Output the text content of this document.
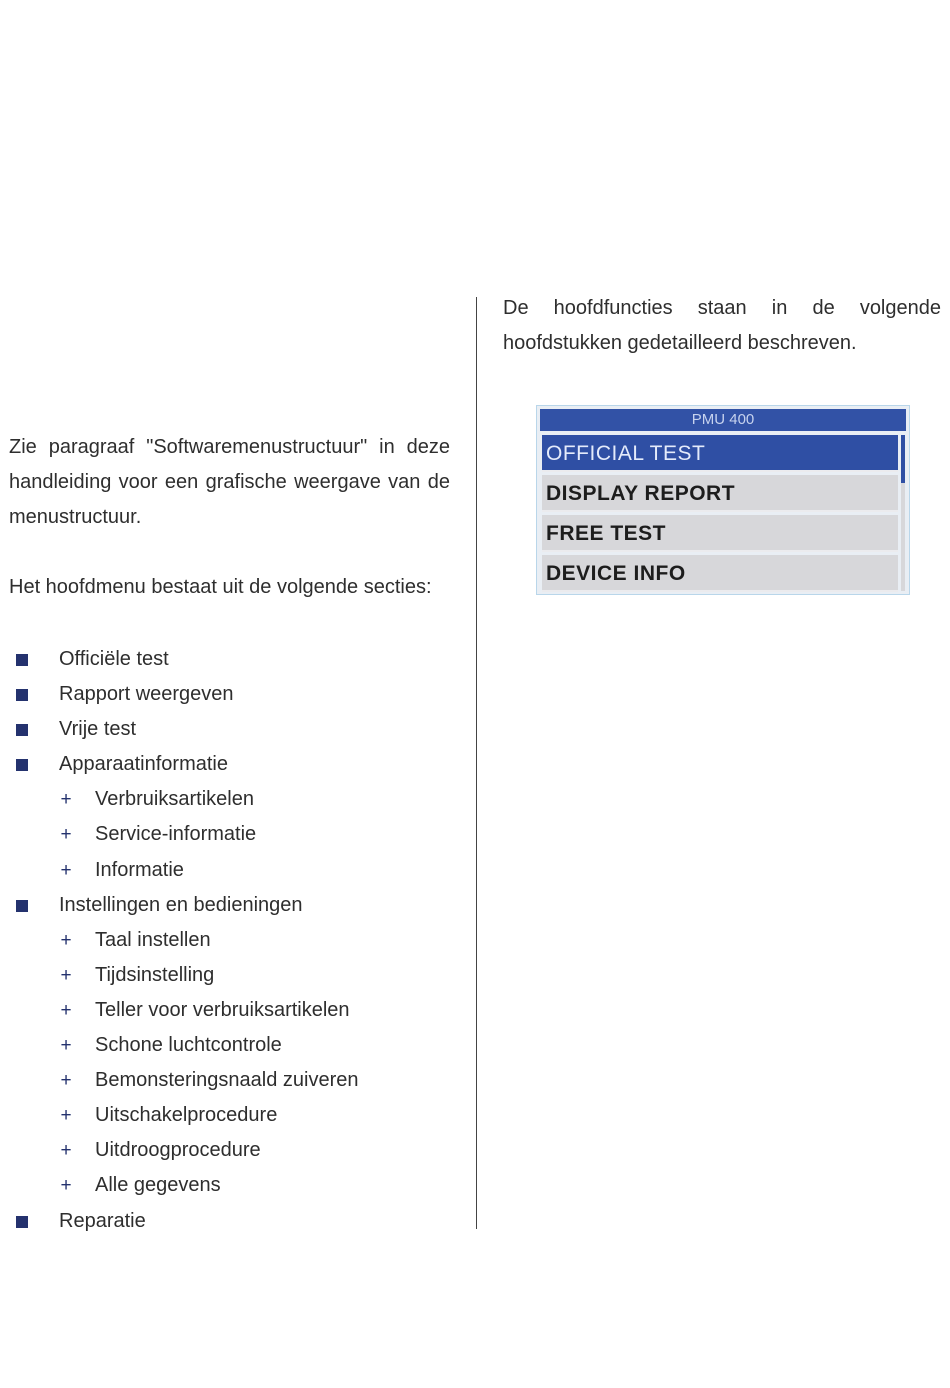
Zie paragraaf "Softwaremenustructuur" in deze handleiding voor een grafische weergave van de menustructuur.

Het hoofdmenu bestaat uit de volgende secties:

Officiële test
Rapport weergeven
Vrije test
Apparaatinformatie
+ Verbruiksartikelen
+ Service-informatie
+ Informatie
Instellingen en bedieningen
+ Taal instellen
+ Tijdsinstelling
+ Teller voor verbruiksartikelen
+ Schone luchtcontrole
+ Bemonsteringsnaald zuiveren
+ Uitschakelprocedure
+ Uitdroogprocedure
+ Alle gegevens
Reparatie

De hoofdfuncties staan in de volgende hoofdstukken gedetailleerd beschreven.

PMU 400
OFFICIAL TEST
DISPLAY REPORT
FREE TEST
DEVICE INFO
